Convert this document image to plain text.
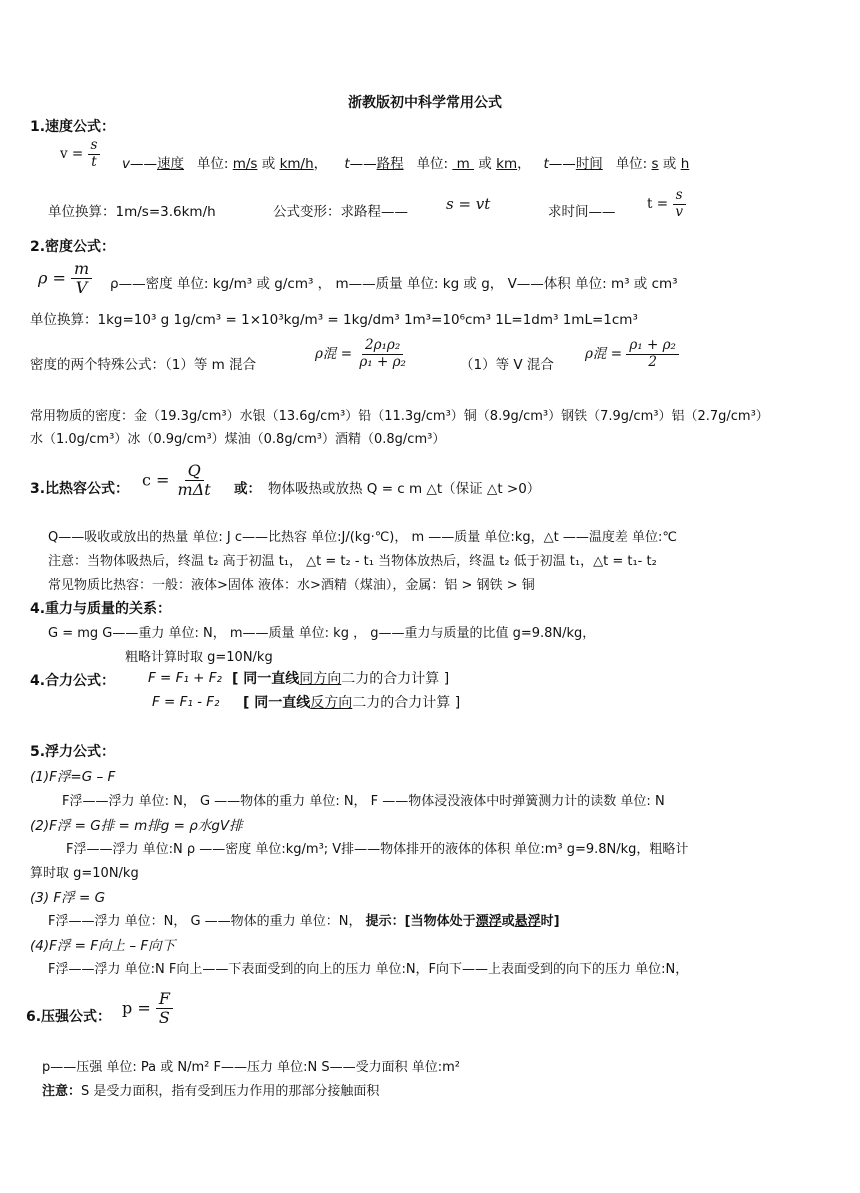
浙教版初中科学常用公式
1.速度公式：
$v = \frac{s}{t}$ v——速度 单位: m/s 或 km/h，    t——路程 单位:  m  或 km，   t——时间 单位: s 或 h
单位换算：1m/s=3.6km/h	公式变形：求路程——	s = vt	求时间—— $t = \frac{s}{v}$
2.密度公式：
$\rho = \frac{m}{V}$ ρ——密度 单位: kg/m³ 或 g/cm³ ， m——质量 单位: kg 或 g， V——体积 单位: m³ 或 cm³
单位换算：1kg=10³ g 1g/cm³ = 1×10³kg/m³ = 1kg/dm³ 1m³=10⁶cm³ 1L=1dm³ 1mL=1cm³
密度的两个特殊公式：（1）等 m 混合
ρ混 = $\frac{\text{2ρ₁ρ₂}}{\text{ρ₁ + ρ₂}}$	（1）等 V 混合
ρ混 = $\frac{\text{ρ₁ + ρ₂}}{2}$
常用物质的密度：金（19.3g/cm³）水银（13.6g/cm³）铅（11.3g/cm³）铜（8.9g/cm³）钢铁（7.9g/cm³）铝（2.7g/cm³）
水（1.0g/cm³）冰（0.9g/cm³）煤油（0.8g/cm³）酒精（0.8g/cm³）
3.比热容公式： $c = \frac{Q}{\text{mΔt}}$ 或： 物体吸热或放热 Q = c m △t（保证 △t >0）
Q——吸收或放出的热量 单位: J c——比热容 单位:J/(kg·℃)， m ——质量 单位:kg，△t ——温度差 单位:℃
注意：当物体吸热后，终温 t₂ 高于初温 t₁， △t = t₂ - t₁ 当物体放热后，终温 t₂ 低于初温 t₁，△t = t₁- t₂
常见物质比热容：一般：液体>固体 液体：水>酒精（煤油），金属：铝 > 钢铁 > 铜
4.重力与质量的关系：
G = mg G——重力 单位: N， m——质量 单位: kg ， g——重力与质量的比值 g=9.8N/kg，
粗略计算时取 g=10N/kg
4.合力公式： F = F₁ + F₂ [ 同一直线同方向二力的合力计算 ]
F = F₁ - F₂ [ 同一直线反方向二力的合力计算 ]
5.浮力公式：
(1)F浮=G – F
F浮——浮力 单位: N， G ——物体的重力 单位: N， F ——物体浸没液体中时弹簧测力计的读数 单位: N
(2)F浮 = G排 = m排g = ρ水gV排
F浮——浮力 单位:N ρ ——密度 单位:kg/m³; V排——物体排开的液体的体积 单位:m³ g=9.8N/kg，粗略计
算时取 g=10N/kg
(3) F浮 = G
F浮——浮力 单位：N， G ——物体的重力 单位：N， 提示：[当物体处于漂浮或悬浮时]
(4)F浮 = F向上 – F向下
F浮——浮力 单位:N F向上——下表面受到的向上的压力 单位:N，F向下——上表面受到的向下的压力 单位:N，
6.压强公式： $p = \frac{F}{S}$
p——压强 单位: Pa 或 N/m² F——压力 单位:N S——受力面积 单位:m²
注意：S 是受力面积，指有受到压力作用的那部分接触面积
